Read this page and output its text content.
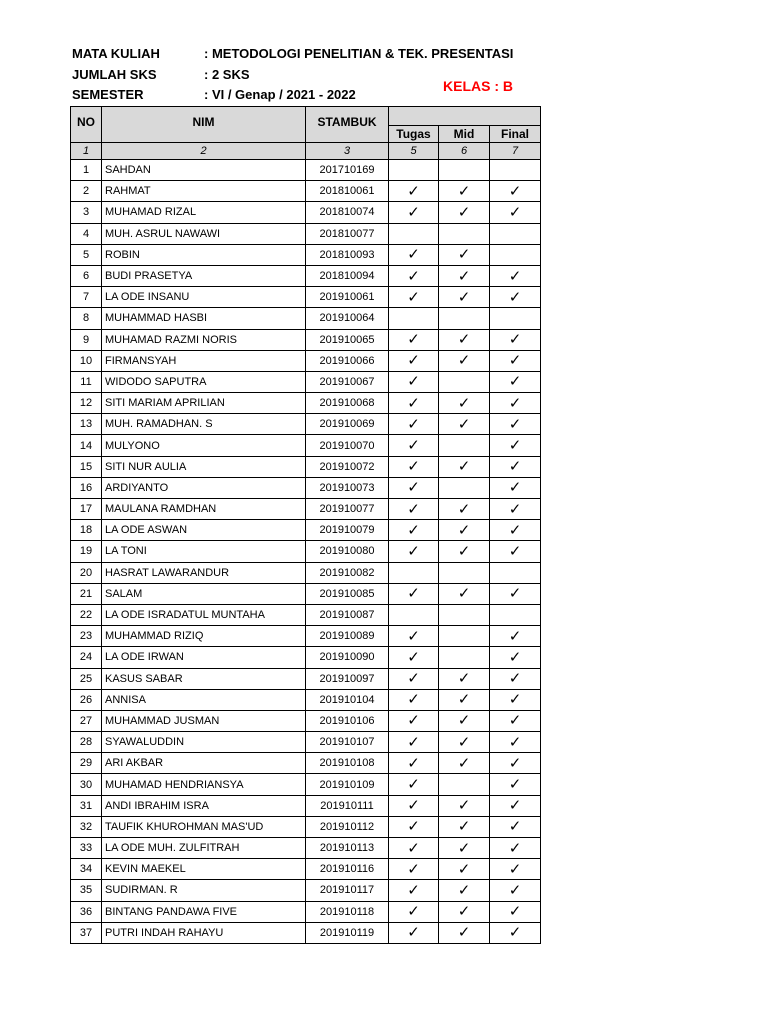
MATA KULIAH	: METODOLOGI PENELITIAN & TEK. PRESENTASI
JUMLAH SKS	: 2 SKS
SEMESTER	: VI / Genap / 2021 - 2022
KELAS : B
NO	NIM	STAMBUK			
			Tugas	Mid	Final
1	2	3	5	6	7
1	SAHDAN	201710169			
2	RAHMAT	201810061	✓	✓	✓
3	MUHAMAD RIZAL	201810074	✓	✓	✓
4	MUH. ASRUL NAWAWI	201810077			
5	ROBIN	201810093	✓	✓	
6	BUDI PRASETYA	201810094	✓	✓	✓
7	LA ODE INSANU	201910061	✓	✓	✓
8	MUHAMMAD HASBI	201910064			
9	MUHAMAD RAZMI NORIS	201910065	✓	✓	✓
10	FIRMANSYAH	201910066	✓	✓	✓
11	WIDODO SAPUTRA	201910067	✓		✓
12	SITI MARIAM APRILIAN	201910068	✓	✓	✓
13	MUH. RAMADHAN. S	201910069	✓	✓	✓
14	MULYONO	201910070	✓		✓
15	SITI NUR AULIA	201910072	✓	✓	✓
16	ARDIYANTO	201910073	✓		✓
17	MAULANA RAMDHAN	201910077	✓	✓	✓
18	LA ODE ASWAN	201910079	✓	✓	✓
19	LA TONI	201910080	✓	✓	✓
20	HASRAT LAWARANDUR	201910082			
21	SALAM	201910085	✓	✓	✓
22	LA ODE ISRADATUL MUNTAHA	201910087			
23	MUHAMMAD RIZIQ	201910089	✓		✓
24	LA ODE IRWAN	201910090	✓		✓
25	KASUS SABAR	201910097	✓	✓	✓
26	ANNISA	201910104	✓	✓	✓
27	MUHAMMAD JUSMAN	201910106	✓	✓	✓
28	SYAWALUDDIN	201910107	✓	✓	✓
29	ARI AKBAR	201910108	✓	✓	✓
30	MUHAMAD HENDRIANSYA	201910109	✓		✓
31	ANDI IBRAHIM ISRA	201910111	✓	✓	✓
32	TAUFIK KHUROHMAN MAS'UD	201910112	✓	✓	✓
33	LA ODE MUH. ZULFITRAH	201910113	✓	✓	✓
34	KEVIN MAEKEL	201910116	✓	✓	✓
35	SUDIRMAN. R	201910117	✓	✓	✓
36	BINTANG PANDAWA FIVE	201910118	✓	✓	✓
37	PUTRI INDAH RAHAYU	201910119	✓	✓	✓
